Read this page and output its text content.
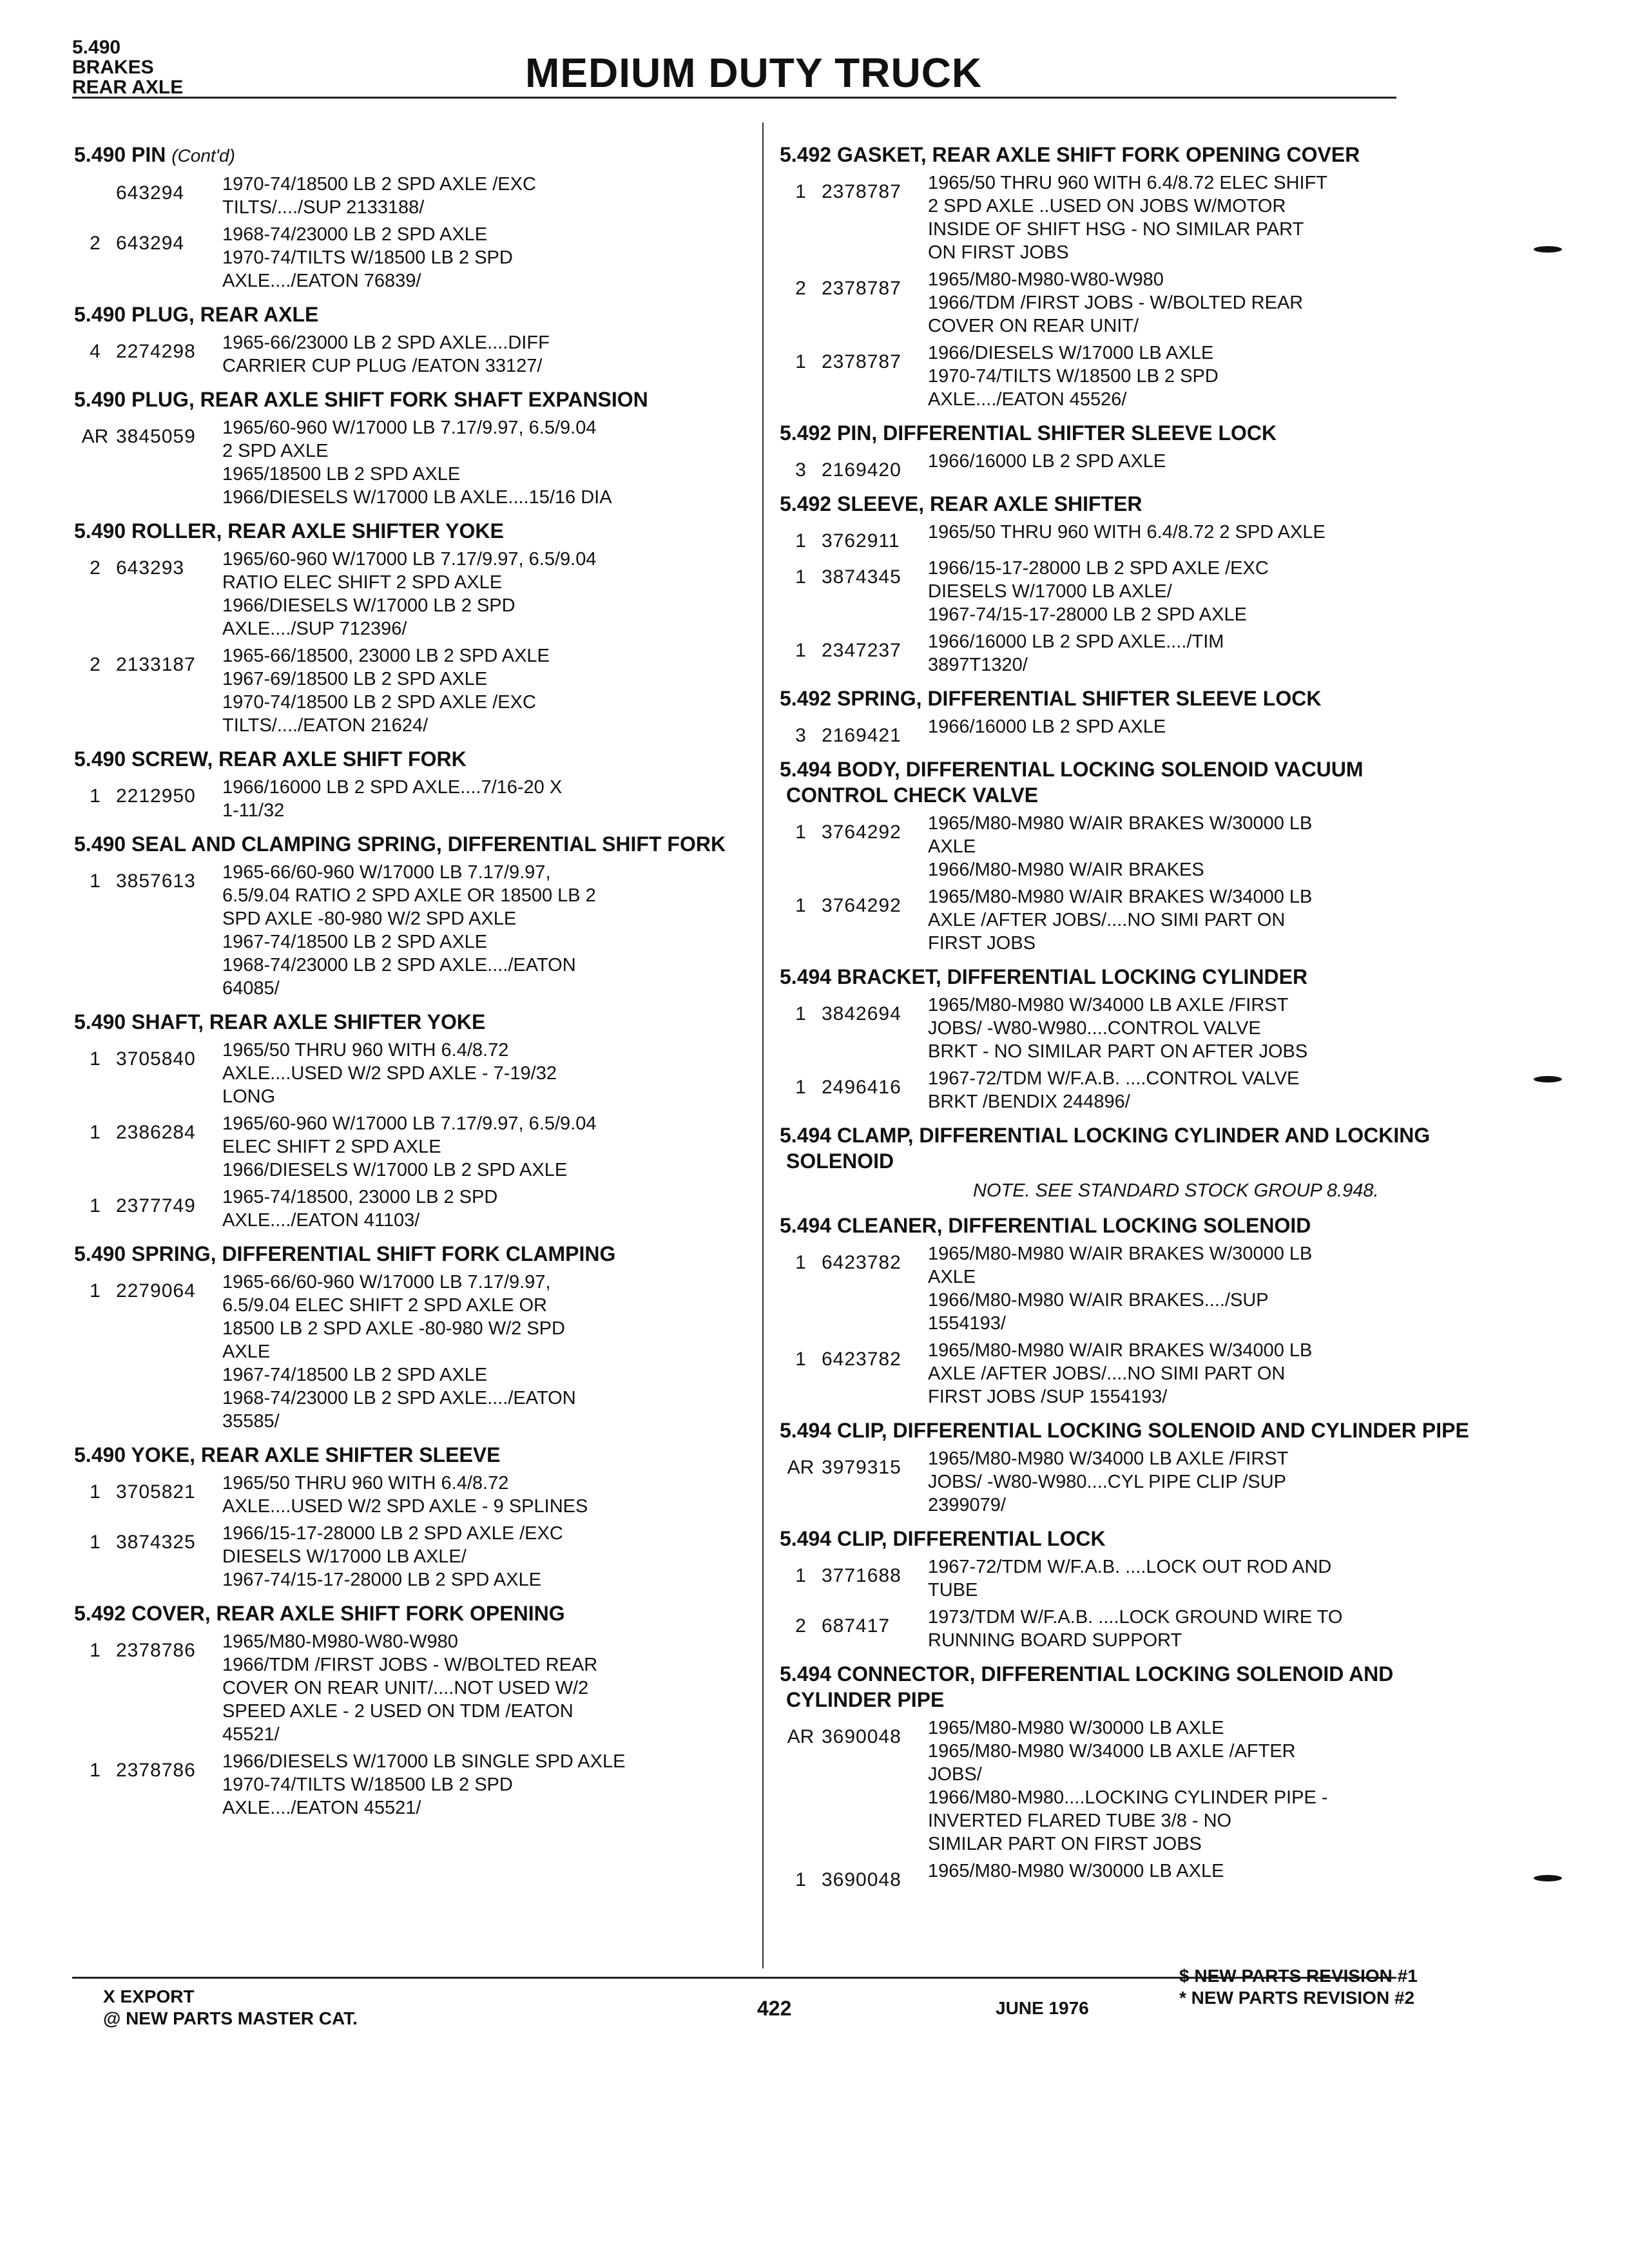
5.490
BRAKES
REAR AXLE	MEDIUM DUTY TRUCK
5.490 PIN (Cont'd)
643294	1970-74/18500 LB 2 SPD AXLE /EXC
TILTS/..../SUP 2133188/
2 643294	1968-74/23000 LB 2 SPD AXLE
1970-74/TILTS W/18500 LB 2 SPD
AXLE..../EATON 76839/
5.490 PLUG, REAR AXLE
4 2274298	1965-66/23000 LB 2 SPD AXLE....DIFF
CARRIER CUP PLUG /EATON 33127/
5.490 PLUG, REAR AXLE SHIFT FORK SHAFT EXPANSION
AR 3845059	1965/60-960 W/17000 LB 7.17/9.97, 6.5/9.04
2 SPD AXLE
1965/18500 LB 2 SPD AXLE
1966/DIESELS W/17000 LB AXLE....15/16 DIA
5.490 ROLLER, REAR AXLE SHIFTER YOKE
2 643293	1965/60-960 W/17000 LB 7.17/9.97, 6.5/9.04
RATIO ELEC SHIFT 2 SPD AXLE
1966/DIESELS W/17000 LB 2 SPD
AXLE..../SUP 712396/
2 2133187	1965-66/18500, 23000 LB 2 SPD AXLE
1967-69/18500 LB 2 SPD AXLE
1970-74/18500 LB 2 SPD AXLE /EXC
TILTS/..../EATON 21624/
5.490 SCREW, REAR AXLE SHIFT FORK
1 2212950	1966/16000 LB 2 SPD AXLE....7/16-20 X
1-11/32
5.490 SEAL AND CLAMPING SPRING, DIFFERENTIAL SHIFT FORK
1 3857613	1965-66/60-960 W/17000 LB 7.17/9.97,
6.5/9.04 RATIO 2 SPD AXLE OR 18500 LB 2
SPD AXLE -80-980 W/2 SPD AXLE
1967-74/18500 LB 2 SPD AXLE
1968-74/23000 LB 2 SPD AXLE..../EATON
64085/
5.490 SHAFT, REAR AXLE SHIFTER YOKE
1 3705840	1965/50 THRU 960 WITH 6.4/8.72
AXLE....USED W/2 SPD AXLE - 7-19/32
LONG
1 2386284	1965/60-960 W/17000 LB 7.17/9.97, 6.5/9.04
ELEC SHIFT 2 SPD AXLE
1966/DIESELS W/17000 LB 2 SPD AXLE
1 2377749	1965-74/18500, 23000 LB 2 SPD
AXLE..../EATON 41103/
5.490 SPRING, DIFFERENTIAL SHIFT FORK CLAMPING
1 2279064	1965-66/60-960 W/17000 LB 7.17/9.97,
6.5/9.04 ELEC SHIFT 2 SPD AXLE OR
18500 LB 2 SPD AXLE -80-980 W/2 SPD
AXLE
1967-74/18500 LB 2 SPD AXLE
1968-74/23000 LB 2 SPD AXLE..../EATON
35585/
5.490 YOKE, REAR AXLE SHIFTER SLEEVE
1 3705821	1965/50 THRU 960 WITH 6.4/8.72
AXLE....USED W/2 SPD AXLE - 9 SPLINES
1 3874325	1966/15-17-28000 LB 2 SPD AXLE /EXC
DIESELS W/17000 LB AXLE/
1967-74/15-17-28000 LB 2 SPD AXLE
5.492 COVER, REAR AXLE SHIFT FORK OPENING
1 2378786	1965/M80-M980-W80-W980
1966/TDM /FIRST JOBS - W/BOLTED REAR
COVER ON REAR UNIT/....NOT USED W/2
SPEED AXLE - 2 USED ON TDM /EATON
45521/
1 2378786	1966/DIESELS W/17000 LB SINGLE SPD AXLE
1970-74/TILTS W/18500 LB 2 SPD
AXLE..../EATON 45521/
5.492 GASKET, REAR AXLE SHIFT FORK OPENING COVER
1 2378787	1965/50 THRU 960 WITH 6.4/8.72 ELEC SHIFT
2 SPD AXLE ..USED ON JOBS W/MOTOR
INSIDE OF SHIFT HSG - NO SIMILAR PART
ON FIRST JOBS
2 2378787	1965/M80-M980-W80-W980
1966/TDM /FIRST JOBS - W/BOLTED REAR
COVER ON REAR UNIT/
1 2378787	1966/DIESELS W/17000 LB AXLE
1970-74/TILTS W/18500 LB 2 SPD
AXLE..../EATON 45526/
5.492 PIN, DIFFERENTIAL SHIFTER SLEEVE LOCK
3 2169420	1966/16000 LB 2 SPD AXLE
5.492 SLEEVE, REAR AXLE SHIFTER
1 3762911	1965/50 THRU 960 WITH 6.4/8.72 2 SPD AXLE
1 3874345	1966/15-17-28000 LB 2 SPD AXLE /EXC
DIESELS W/17000 LB AXLE/
1967-74/15-17-28000 LB 2 SPD AXLE
1 2347237	1966/16000 LB 2 SPD AXLE..../TIM
3897T1320/
5.492 SPRING, DIFFERENTIAL SHIFTER SLEEVE LOCK
3 2169421	1966/16000 LB 2 SPD AXLE
5.494 BODY, DIFFERENTIAL LOCKING SOLENOID VACUUM CONTROL CHECK VALVE
1 3764292	1965/M80-M980 W/AIR BRAKES W/30000 LB
AXLE
1966/M80-M980 W/AIR BRAKES
1 3764292	1965/M80-M980 W/AIR BRAKES W/34000 LB
AXLE /AFTER JOBS/....NO SIMI PART ON
FIRST JOBS
5.494 BRACKET, DIFFERENTIAL LOCKING CYLINDER
1 3842694	1965/M80-M980 W/34000 LB AXLE /FIRST
JOBS/ -W80-W980....CONTROL VALVE
BRKT - NO SIMILAR PART ON AFTER JOBS
1 2496416	1967-72/TDM W/F.A.B. ....CONTROL VALVE
BRKT /BENDIX 244896/
5.494 CLAMP, DIFFERENTIAL LOCKING CYLINDER AND LOCKING SOLENOID
NOTE. SEE STANDARD STOCK GROUP 8.948.
5.494 CLEANER, DIFFERENTIAL LOCKING SOLENOID
1 6423782	1965/M80-M980 W/AIR BRAKES W/30000 LB
AXLE
1966/M80-M980 W/AIR BRAKES..../SUP
1554193/
1 6423782	1965/M80-M980 W/AIR BRAKES W/34000 LB
AXLE /AFTER JOBS/....NO SIMI PART ON
FIRST JOBS /SUP 1554193/
5.494 CLIP, DIFFERENTIAL LOCKING SOLENOID AND CYLINDER PIPE
AR 3979315	1965/M80-M980 W/34000 LB AXLE /FIRST
JOBS/ -W80-W980....CYL PIPE CLIP /SUP
2399079/
5.494 CLIP, DIFFERENTIAL LOCK
1 3771688	1967-72/TDM W/F.A.B. ....LOCK OUT ROD AND
TUBE
2 687417	1973/TDM W/F.A.B. ....LOCK GROUND WIRE TO
RUNNING BOARD SUPPORT
5.494 CONNECTOR, DIFFERENTIAL LOCKING SOLENOID AND CYLINDER PIPE
AR 3690048	1965/M80-M980 W/30000 LB AXLE
1965/M80-M980 W/34000 LB AXLE /AFTER
JOBS/
1966/M80-M980....LOCKING CYLINDER PIPE -
INVERTED FLARED TUBE 3/8 - NO
SIMILAR PART ON FIRST JOBS
1 3690048	1965/M80-M980 W/30000 LB AXLE
X EXPORT
@ NEW PARTS MASTER CAT.	422	JUNE 1976
$ NEW PARTS REVISION #1
* NEW PARTS REVISION #2
